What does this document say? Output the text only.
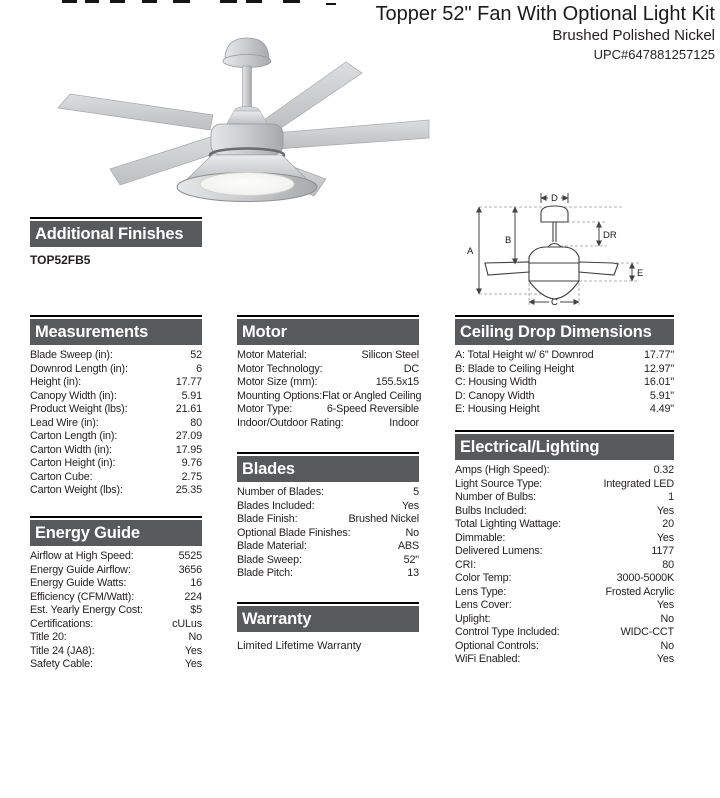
Topper 52" Fan With Optional Light Kit
Brushed Polished Nickel
UPC#647881257125
D
A
B	DR
E
C
Additional Finishes
TOP52FB5
Measurements
Blade Sweep (in):	52
Downrod Length (in):	6
Height (in):	17.77
Canopy Width (in):	5.91
Product Weight (lbs):	21.61
Lead Wire (in):	80
Carton Length (in):	27.09
Carton Width (in):	17.95
Carton Height (in):	9.76
Carton Cube:	2.75
Carton Weight (lbs):	25.35
Energy Guide
Airflow at High Speed:	5525
Energy Guide Airflow:	3656
Energy Guide Watts:	16
Efficiency (CFM/Watt):	224
Est. Yearly Energy Cost:	$5
Certifications:	cULus
Title 20:	No
Title 24 (JA8):	Yes
Safety Cable:	Yes
Motor
Motor Material:	Silicon Steel
Motor Technology:	DC
Motor Size (mm):	155.5x15
Mounting Options: Flat or Angled Ceiling
Motor Type:	6-Speed Reversible
Indoor/Outdoor Rating:	Indoor
Blades
Number of Blades:	5
Blades Included:	Yes
Blade Finish:	Brushed Nickel
Optional Blade Finishes:	No
Blade Material:	ABS
Blade Sweep:	52"
Blade Pitch:	13
Warranty
Limited Lifetime Warranty
Ceiling Drop Dimensions
A: Total Height w/ 6" Downrod	17.77"
B: Blade to Ceiling Height	12.97"
C: Housing Width	16.01"
D: Canopy Width	5.91"
E: Housing Height	4.49"
Electrical/Lighting
Amps (High Speed):	0.32
Light Source Type:	Integrated LED
Number of Bulbs:	1
Bulbs Included:	Yes
Total Lighting Wattage:	20
Dimmable:	Yes
Delivered Lumens:	1177
CRI:	80
Color Temp:	3000-5000K
Lens Type:	Frosted Acrylic
Lens Cover:	Yes
Uplight:	No
Control Type Included:	WIDC-CCT
Optional Controls:	No
WiFi Enabled:	Yes
